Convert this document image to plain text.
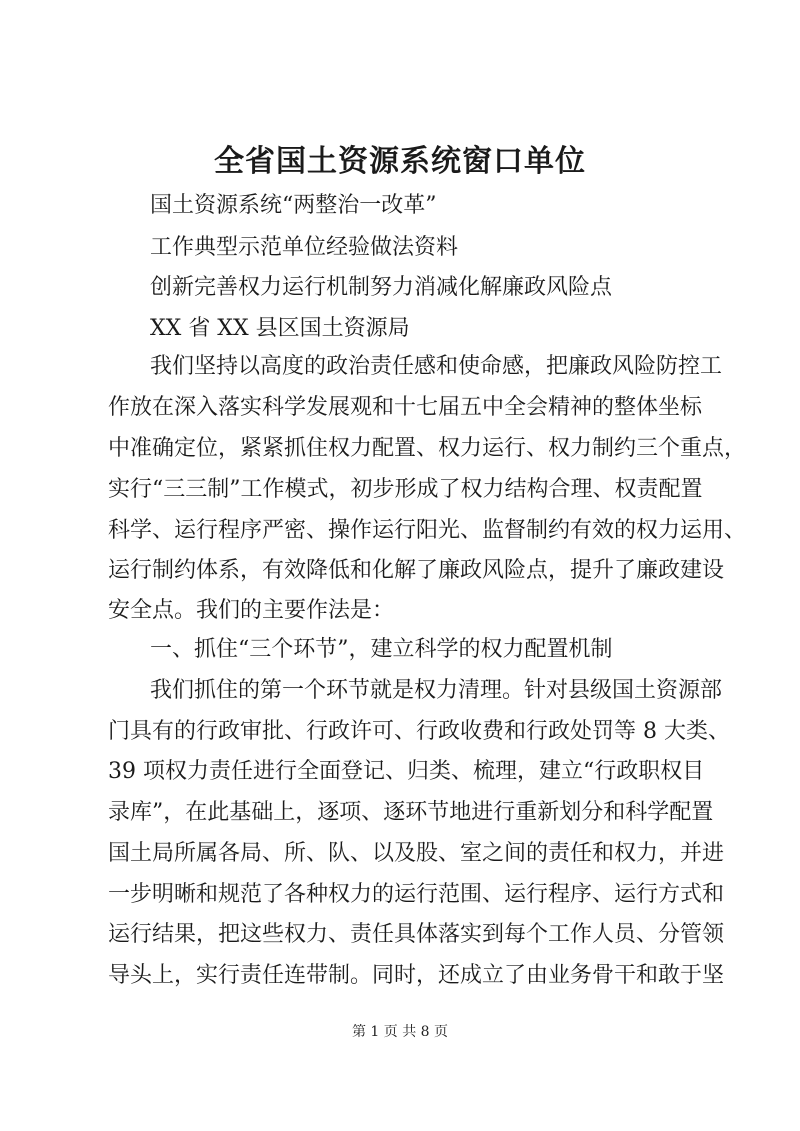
全省国土资源系统窗口单位
国土资源系统“两整治一改革”
工作典型示范单位经验做法资料
创新完善权力运行机制努力消减化解廉政风险点
XX 省 XX 县区国土资源局
我们坚持以高度的政治责任感和使命感，把廉政风险防控工
作放在深入落实科学发展观和十七届五中全会精神的整体坐标
中准确定位，紧紧抓住权力配置、权力运行、权力制约三个重点，
实行“三三制”工作模式，初步形成了权力结构合理、权责配置
科学、运行程序严密、操作运行阳光、监督制约有效的权力运用、
运行制约体系，有效降低和化解了廉政风险点，提升了廉政建设
安全点。我们的主要作法是：
一、抓住“三个环节”，建立科学的权力配置机制
我们抓住的第一个环节就是权力清理。针对县级国土资源部
门具有的行政审批、行政许可、行政收费和行政处罚等 8 大类、
39 项权力责任进行全面登记、归类、梳理，建立“行政职权目
录库”，在此基础上，逐项、逐环节地进行重新划分和科学配置
国土局所属各局、所、队、以及股、室之间的责任和权力，并进
一步明晰和规范了各种权力的运行范围、运行程序、运行方式和
运行结果，把这些权力、责任具体落实到每个工作人员、分管领
导头上，实行责任连带制。同时，还成立了由业务骨干和敢于坚
第 1 页 共 8 页
